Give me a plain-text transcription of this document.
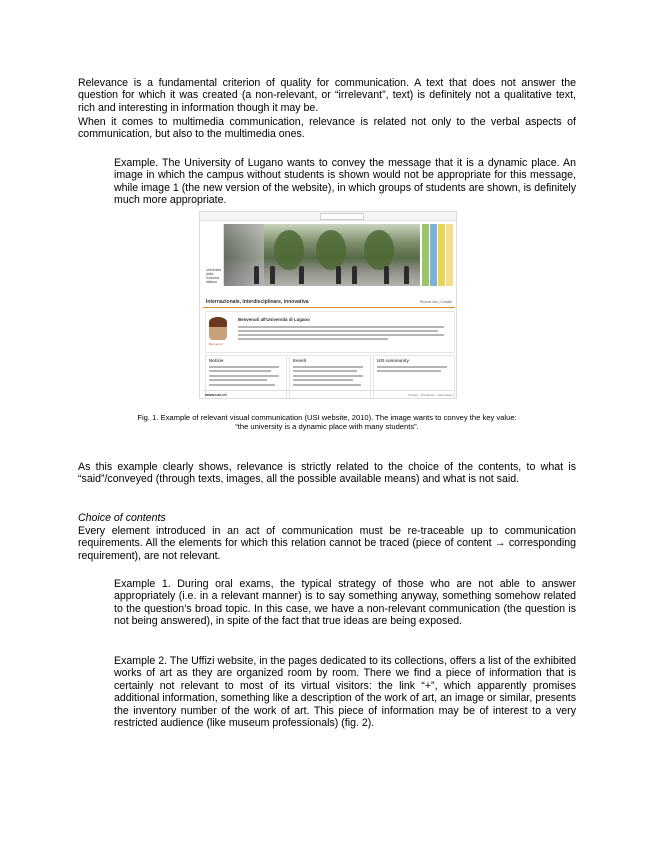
Relevance is a fundamental criterion of quality for communication. A text that does not answer the question for which it was created (a non-relevant, or “irrelevant”, text) is definitely not a qualitative text, rich and interesting in information though it may be.

When it comes to multimedia communication, relevance is related not only to the verbal aspects of communication, but also to the multimedia ones.

Example. The University of Lugano wants to convey the message that it is a dynamic place. An image in which the campus without students is shown would not be appropriate for this message, while image 1 (the new version of the website), in which groups of students are shown, is definitely much more appropriate.

Università della Svizzera italiana
Internazionale, interdisciplinare, innovativa	Ricerca sito | Contatti
Benvenuti
Benvenuti all'Università di Lugano
Notizie	Eventi	USI community
www.usi.ch	Privacy · Disclaimer · Webmaster

Fig. 1. Example of relevant visual communication (USI website, 2010). The image wants to convey the key value:
“the university is a dynamic place with many students”.

As this example clearly shows, relevance is strictly related to the choice of the contents, to what is “said”/conveyed (through texts, images, all the possible available means) and what is not said.

Choice of contents

Every element introduced in an act of communication must be re-traceable up to communication requirements. All the elements for which this relation cannot be traced (piece of content → corresponding requirement), are not relevant.

Example 1. During oral exams, the typical strategy of those who are not able to answer appropriately (i.e. in a relevant manner) is to say something anyway, something somehow related to the question’s broad topic. In this case, we have a non-relevant communication (the question is not being answered), in spite of the fact that true ideas are being exposed.

Example 2. The Uffizi website, in the pages dedicated to its collections, offers a list of the exhibited works of art as they are organized room by room. There we find a piece of information that is certainly not relevant to most of its virtual visitors: the link “+”, which apparently promises additional information, something like a description of the work of art, an image or similar, presents the inventory number of the work of art. This piece of information may be of interest to a very restricted audience (like museum professionals) (fig. 2).
